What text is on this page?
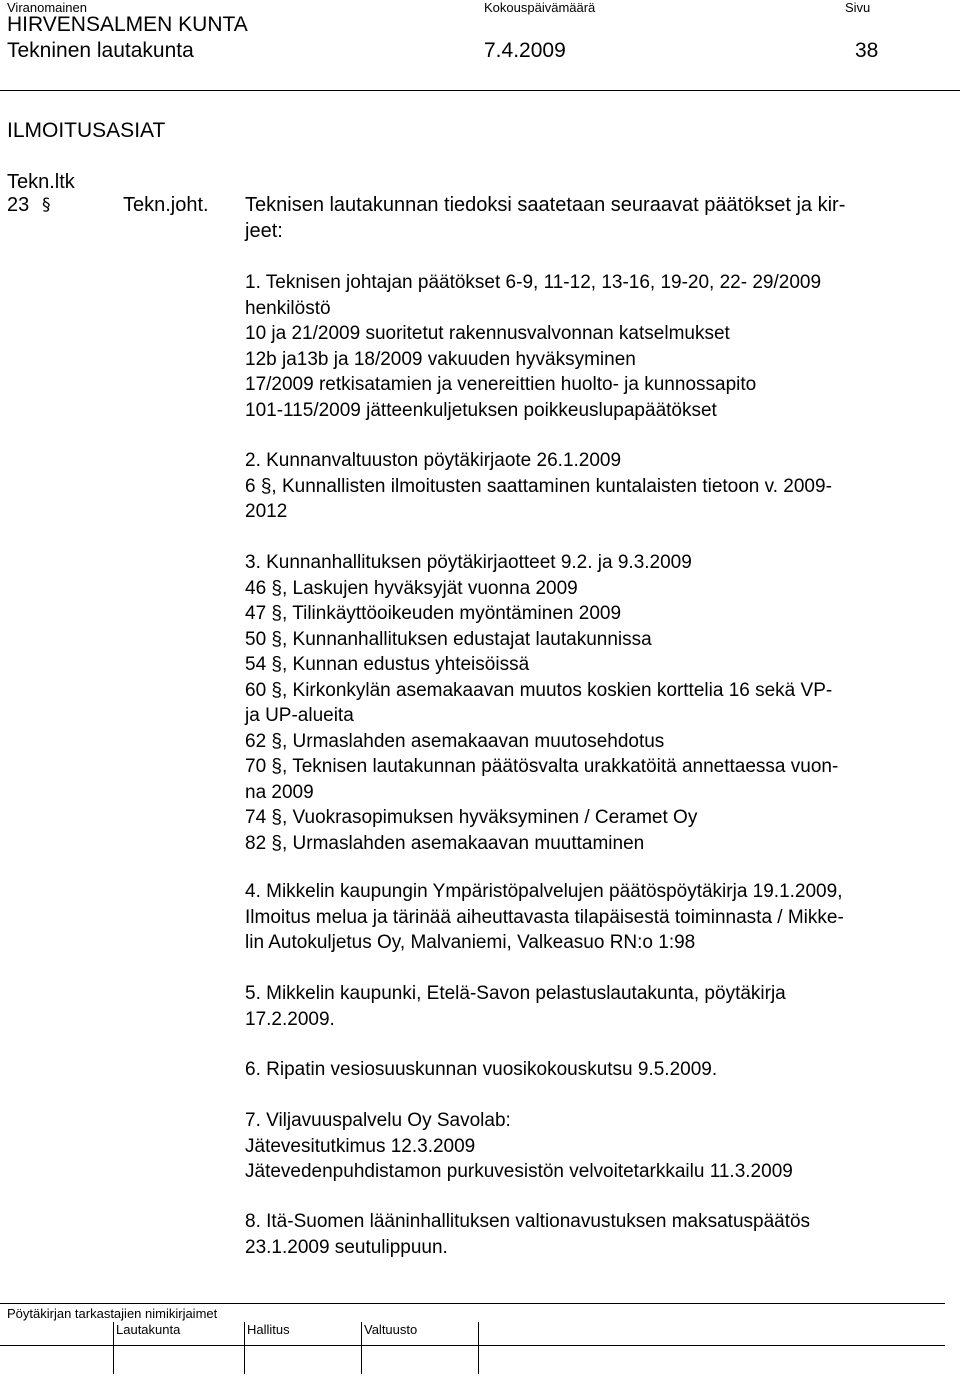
Viranomainen	Kokouspäivämäärä	Sivu
HIRVENSALMEN KUNTA
Tekninen lautakunta	7.4.2009	38
ILMOITUSASIAT
Tekn.ltk
23 §	Tekn.joht. Teknisen lautakunnan tiedoksi saatetaan seuraavat päätökset ja kir-
jeet:
1. Teknisen johtajan päätökset 6-9, 11-12, 13-16, 19-20, 22- 29/2009
henkilöstö
10 ja 21/2009 suoritetut rakennusvalvonnan katselmukset
12b ja13b ja 18/2009 vakuuden hyväksyminen
17/2009 retkisatamien ja venereittien huolto- ja kunnossapito
101-115/2009 jätteenkuljetuksen poikkeuslupapäätökset
2. Kunnanvaltuuston pöytäkirjaote 26.1.2009
6 §, Kunnallisten ilmoitusten saattaminen kuntalaisten tietoon v. 2009-
2012
3. Kunnanhallituksen pöytäkirjaotteet 9.2. ja 9.3.2009
46 §, Laskujen hyväksyjät vuonna 2009
47 §, Tilinkäyttöoikeuden myöntäminen 2009
50 §, Kunnanhallituksen edustajat lautakunnissa
54 §, Kunnan edustus yhteisöissä
60 §, Kirkonkylän asemakaavan muutos koskien korttelia 16 sekä VP-
ja UP-alueita
62 §, Urmaslahden asemakaavan muutosehdotus
70 §, Teknisen lautakunnan päätösvalta urakkatöitä annettaessa vuon-
na 2009
74 §, Vuokrasopimuksen hyväksyminen / Ceramet Oy
82 §, Urmaslahden asemakaavan muuttaminen
4. Mikkelin kaupungin Ympäristöpalvelujen päätöspöytäkirja 19.1.2009,
Ilmoitus melua ja tärinää aiheuttavasta tilapäisestä toiminnasta / Mikke-
lin Autokuljetus Oy, Malvaniemi, Valkeasuo RN:o 1:98
5. Mikkelin kaupunki, Etelä-Savon pelastuslautakunta, pöytäkirja
17.2.2009.
6. Ripatin vesiosuuskunnan vuosikokouskutsu 9.5.2009.
7. Viljavuuspalvelu Oy Savolab:
Jätevesitutkimus 12.3.2009
Jätevedenpuhdistamon purkuvesistön velvoitetarkkailu 11.3.2009
8. Itä-Suomen lääninhallituksen valtionavustuksen maksatuspäätös
23.1.2009 seutulippuun.
Pöytäkirjan tarkastajien nimikirjaimet
Lautakunta	Hallitus	Valtuusto
